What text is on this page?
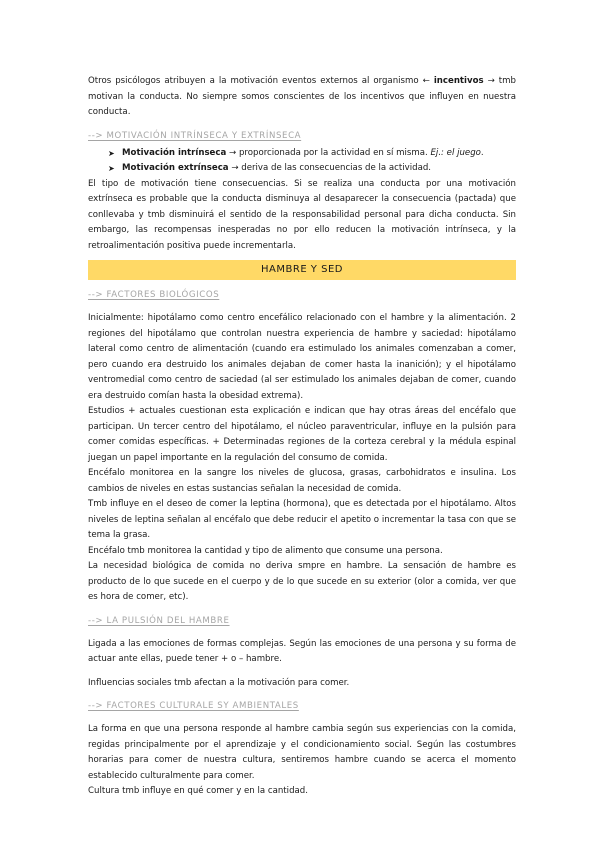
Otros psicólogos atribuyen a la motivación eventos externos al organismo ← incentivos → tmb motivan la conducta. No siempre somos conscientes de los incentivos que influyen en nuestra conducta.

--> MOTIVACIÓN INTRÍNSECA Y EXTRÍNSECA

➤ Motivación intrínseca → proporcionada por la actividad en sí misma. Ej.: el juego.
➤ Motivación extrínseca → deriva de las consecuencias de la actividad.

El tipo de motivación tiene consecuencias. Si se realiza una conducta por una motivación extrínseca es probable que la conducta disminuya al desaparecer la consecuencia (pactada) que conllevaba y tmb disminuirá el sentido de la responsabilidad personal para dicha conducta. Sin embargo, las recompensas inesperadas no por ello reducen la motivación intrínseca, y la retroalimentación positiva puede incrementarla.

HAMBRE Y SED

--> FACTORES BIOLÓGICOS

Inicialmente: hipotálamo como centro encefálico relacionado con el hambre y la alimentación. 2 regiones del hipotálamo que controlan nuestra experiencia de hambre y saciedad: hipotálamo lateral como centro de alimentación (cuando era estimulado los animales comenzaban a comer, pero cuando era destruido los animales dejaban de comer hasta la inanición); y el hipotálamo ventromedial como centro de saciedad (al ser estimulado los animales dejaban de comer, cuando era destruido comían hasta la obesidad extrema).

Estudios + actuales cuestionan esta explicación e indican que hay otras áreas del encéfalo que participan. Un tercer centro del hipotálamo, el núcleo paraventricular, influye en la pulsión para comer comidas específicas. + Determinadas regiones de la corteza cerebral y la médula espinal juegan un papel importante en la regulación del consumo de comida.

Encéfalo monitorea en la sangre los niveles de glucosa, grasas, carbohidratos e insulina. Los cambios de niveles en estas sustancias señalan la necesidad de comida.

Tmb influye en el deseo de comer la leptina (hormona), que es detectada por el hipotálamo. Altos niveles de leptina señalan al encéfalo que debe reducir el apetito o incrementar la tasa con que se tema la grasa.

Encéfalo tmb monitorea la cantidad y tipo de alimento que consume una persona.

La necesidad biológica de comida no deriva smpre en hambre. La sensación de hambre es producto de lo que sucede en el cuerpo y de lo que sucede en su exterior (olor a comida, ver que es hora de comer, etc).

--> LA PULSIÓN DEL HAMBRE

Ligada a las emociones de formas complejas. Según las emociones de una persona y su forma de actuar ante ellas, puede tener + o – hambre.

Influencias sociales tmb afectan a la motivación para comer.

--> FACTORES CULTURALE SY AMBIENTALES

La forma en que una persona responde al hambre cambia según sus experiencias con la comida, regidas principalmente por el aprendizaje y el condicionamiento social. Según las costumbres horarias para comer de nuestra cultura, sentiremos hambre cuando se acerca el momento establecido culturalmente para comer.

Cultura tmb influye en qué comer y en la cantidad.
